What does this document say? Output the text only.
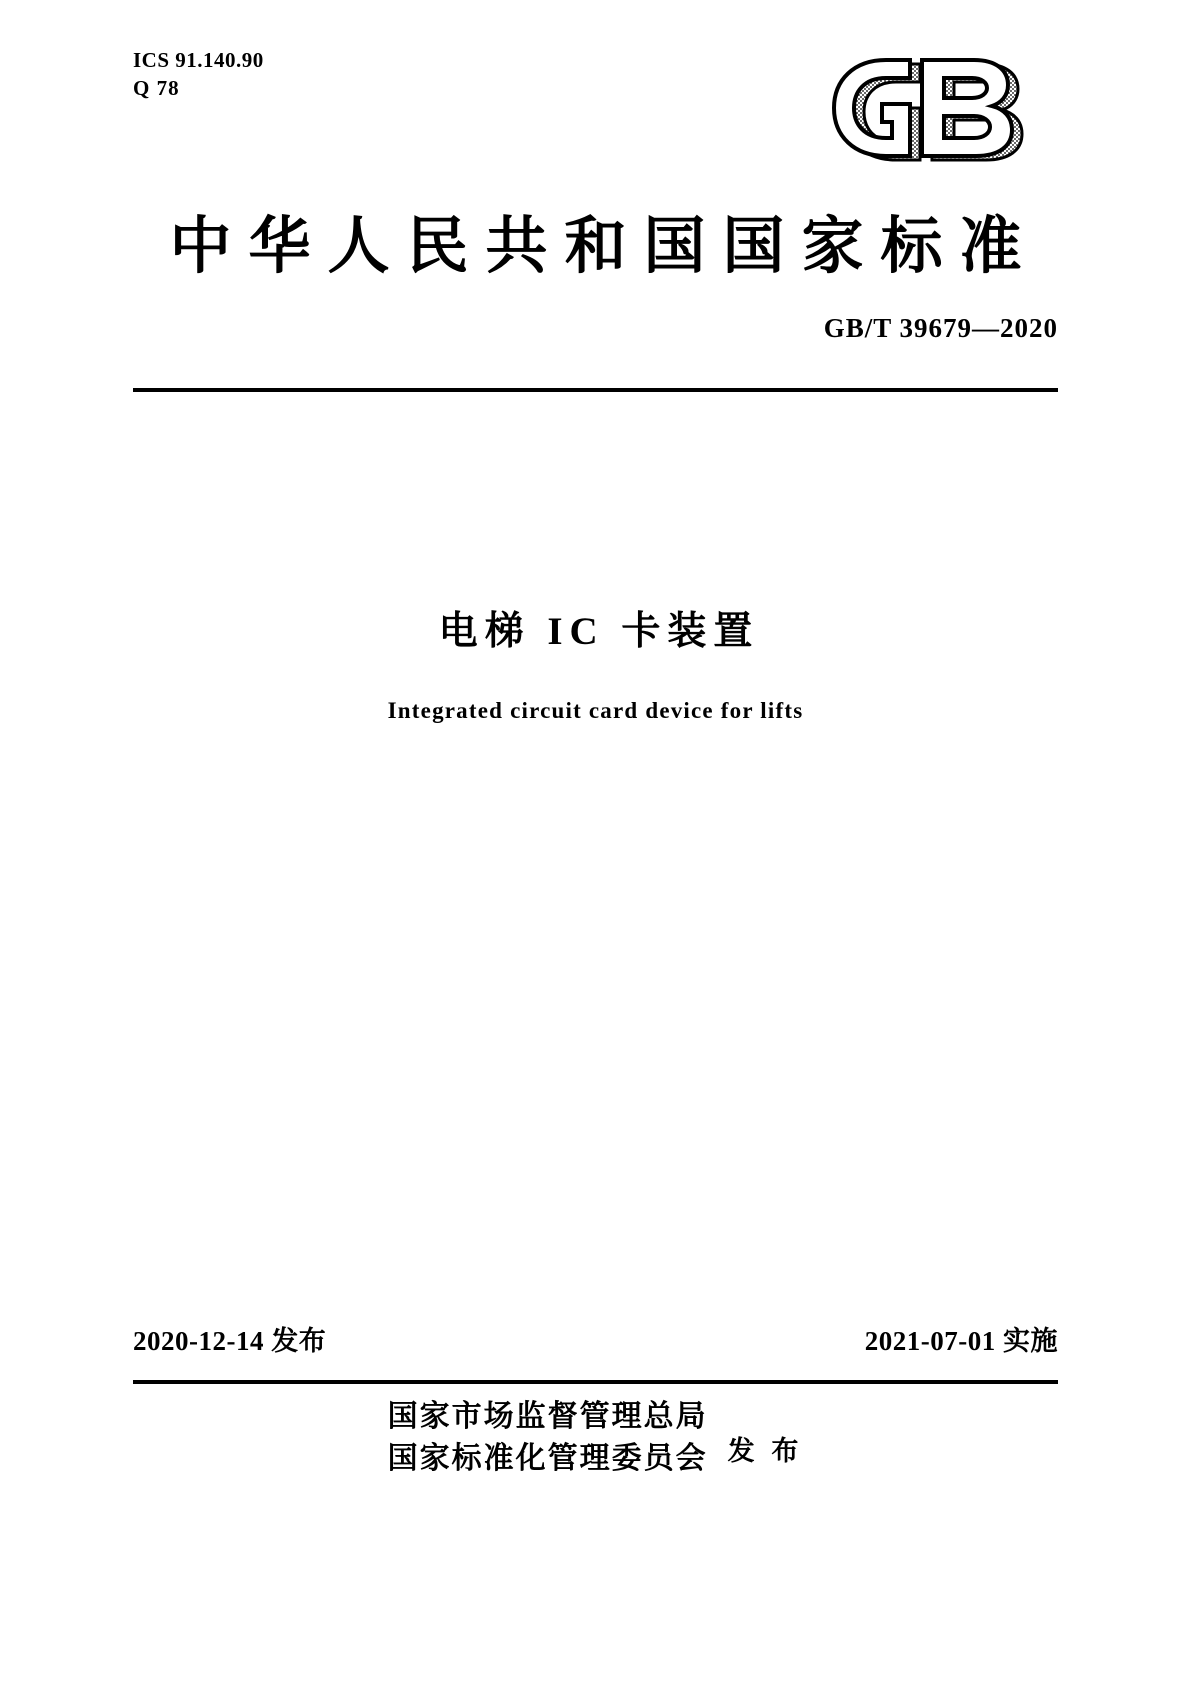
ICS 91.140.90
Q 78
中华人民共和国国家标准
GB/T 39679—2020
电梯 IC 卡装置
Integrated circuit card device for lifts
2020-12-14 发布	2021-07-01 实施
国家市场监督管理总局
国家标准化管理委员会 发 布
